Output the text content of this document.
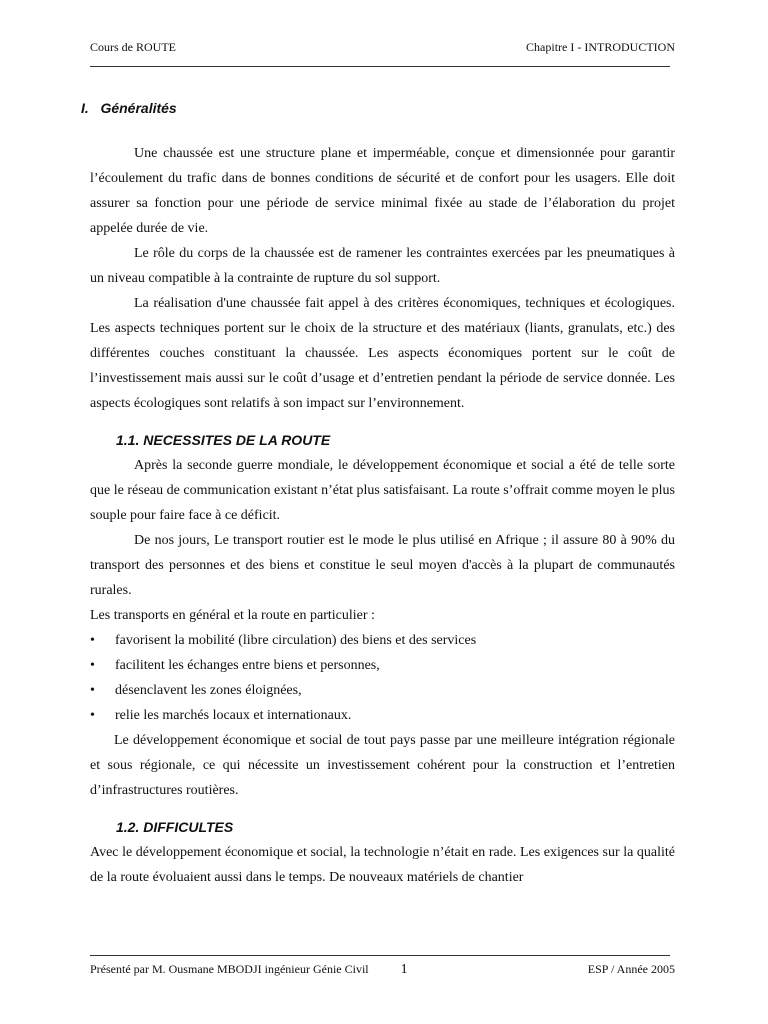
Cours de ROUTE	Chapitre I - INTRODUCTION
I. Généralités

Une chaussée est une structure plane et imperméable, conçue et dimensionnée pour garantir l’écoulement du trafic dans de bonnes conditions de sécurité et de confort pour les usagers. Elle doit assurer sa fonction pour une période de service minimal fixée au stade de l’élaboration du projet appelée durée de vie.

Le rôle du corps de la chaussée est de ramener les contraintes exercées par les pneumatiques à un niveau compatible à la contrainte de rupture du sol support.

La réalisation d'une chaussée fait appel à des critères économiques, techniques et écologiques. Les aspects techniques portent sur le choix de la structure et des matériaux (liants, granulats, etc.) des différentes couches constituant la chaussée. Les aspects économiques portent sur le coût de l’investissement mais aussi sur le coût d’usage et d’entretien pendant la période de service donnée. Les aspects écologiques sont relatifs à son impact sur l’environnement.

1.1. NECESSITES DE LA ROUTE

Après la seconde guerre mondiale, le développement économique et social a été de telle sorte que le réseau de communication existant n’état plus satisfaisant. La route s’offrait comme moyen le plus souple pour faire face à ce déficit.

De nos jours, Le transport routier est le mode le plus utilisé en Afrique ; il assure 80 à 90% du transport des personnes et des biens et constitue le seul moyen d'accès à la plupart de communautés rurales.

Les transports en général et la route en particulier :

• favorisent la mobilité (libre circulation) des biens et des services
• facilitent les échanges entre biens et personnes,
• désenclavent les zones éloignées,
• relie les marchés locaux et internationaux.

Le développement économique et social de tout pays passe par une meilleure intégration régionale et sous régionale, ce qui nécessite un investissement cohérent pour la construction et l’entretien d’infrastructures routières.

1.2. DIFFICULTES

Avec le développement économique et social, la technologie n’était en rade. Les exigences sur la qualité de la route évoluaient aussi dans le temps. De nouveaux matériels de chantier

Présenté par M. Ousmane MBODJI ingénieur Génie Civil 1	ESP / Année 2005
